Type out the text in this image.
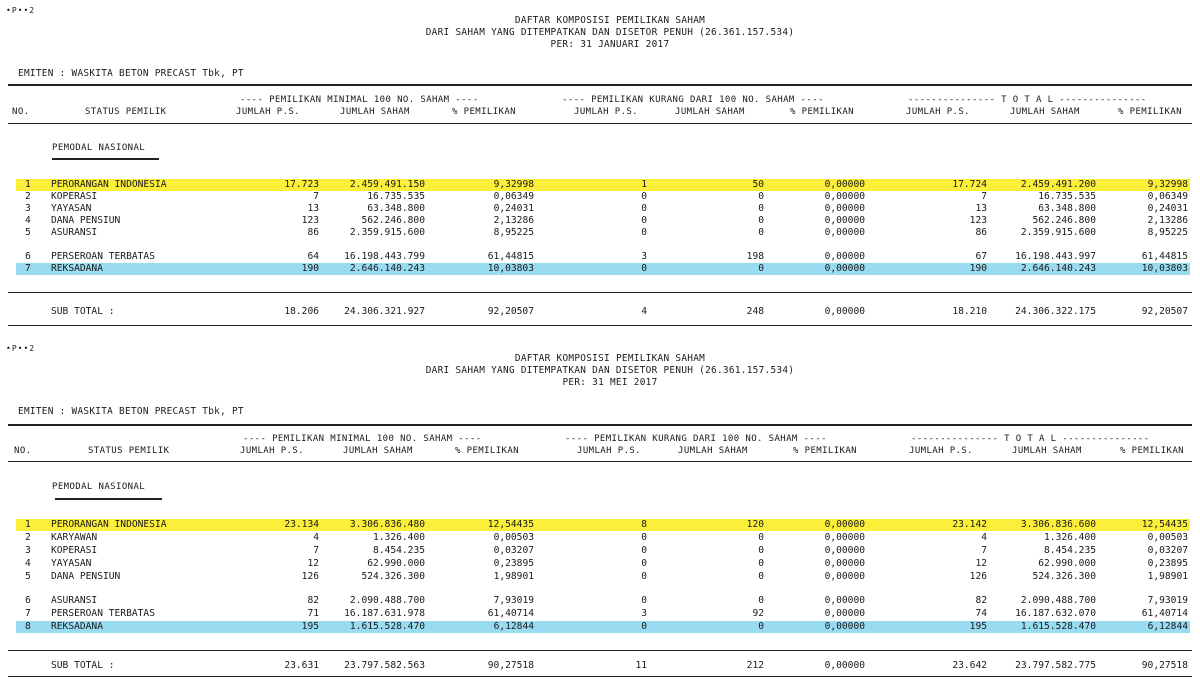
•P••2
DAFTAR KOMPOSISI PEMILIKAN SAHAM
DARI SAHAM YANG DITEMPATKAN DAN DISETOR PENUH (26.361.157.534)
PER: 31 JANUARI 2017
EMITEN : WASKITA BETON PRECAST Tbk, PT
---- PEMILIKAN MINIMAL 100 NO. SAHAM ----	---- PEMILIKAN KURANG DARI 100 NO. SAHAM ----	--------------- T O T A L ---------------
NO.	STATUS PEMILIK	JUMLAH P.S.	JUMLAH SAHAM	% PEMILIKAN	JUMLAH P.S.	JUMLAH SAHAM	% PEMILIKAN	JUMLAH P.S.	JUMLAH SAHAM	% PEMILIKAN
PEMODAL NASIONAL
1 PERORANGAN INDONESIA	17.723	2.459.491.150	9,32998	1	50	0,00000	17.724	2.459.491.200	9,32998
2 KOPERASI	7	16.735.535	0,06349	0	0	0,00000	7	16.735.535	0,06349
3 YAYASAN	13	63.348.800	0,24031	0	0	0,00000	13	63.348.800	0,24031
4 DANA PENSIUN	123	562.246.800	2,13286	0	0	0,00000	123	562.246.800	2,13286
5 ASURANSI	86	2.359.915.600	8,95225	0	0	0,00000	86	2.359.915.600	8,95225
6 PERSEROAN TERBATAS	64	16.198.443.799	61,44815	3	198	0,00000	67	16.198.443.997	61,44815
7 REKSADANA	190	2.646.140.243	10,03803	0	0	0,00000	190	2.646.140.243	10,03803
SUB TOTAL :	18.206	24.306.321.927	92,20507	4	248	0,00000	18.210	24.306.322.175	92,20507
•P••2
DAFTAR KOMPOSISI PEMILIKAN SAHAM
DARI SAHAM YANG DITEMPATKAN DAN DISETOR PENUH (26.361.157.534)
PER: 31 MEI 2017
EMITEN : WASKITA BETON PRECAST Tbk, PT
---- PEMILIKAN MINIMAL 100 NO. SAHAM ----	---- PEMILIKAN KURANG DARI 100 NO. SAHAM ----	--------------- T O T A L ---------------
NO.	STATUS PEMILIK	JUMLAH P.S.	JUMLAH SAHAM	% PEMILIKAN	JUMLAH P.S.	JUMLAH SAHAM	% PEMILIKAN	JUMLAH P.S.	JUMLAH SAHAM	% PEMILIKAN
PEMODAL NASIONAL
1 PERORANGAN INDONESIA	23.134	3.306.836.480	12,54435	8	120	0,00000	23.142	3.306.836.600	12,54435
2 KARYAWAN	4	1.326.400	0,00503	0	0	0,00000	4	1.326.400	0,00503
3 KOPERASI	7	8.454.235	0,03207	0	0	0,00000	7	8.454.235	0,03207
4 YAYASAN	12	62.990.000	0,23895	0	0	0,00000	12	62.990.000	0,23895
5 DANA PENSIUN	126	524.326.300	1,98901	0	0	0,00000	126	524.326.300	1,98901
6 ASURANSI	82	2.090.488.700	7,93019	0	0	0,00000	82	2.090.488.700	7,93019
7 PERSEROAN TERBATAS	71	16.187.631.978	61,40714	3	92	0,00000	74	16.187.632.070	61,40714
8 REKSADANA	195	1.615.528.470	6,12844	0	0	0,00000	195	1.615.528.470	6,12844
SUB TOTAL :	23.631	23.797.582.563	90,27518	11	212	0,00000	23.642	23.797.582.775	90,27518
